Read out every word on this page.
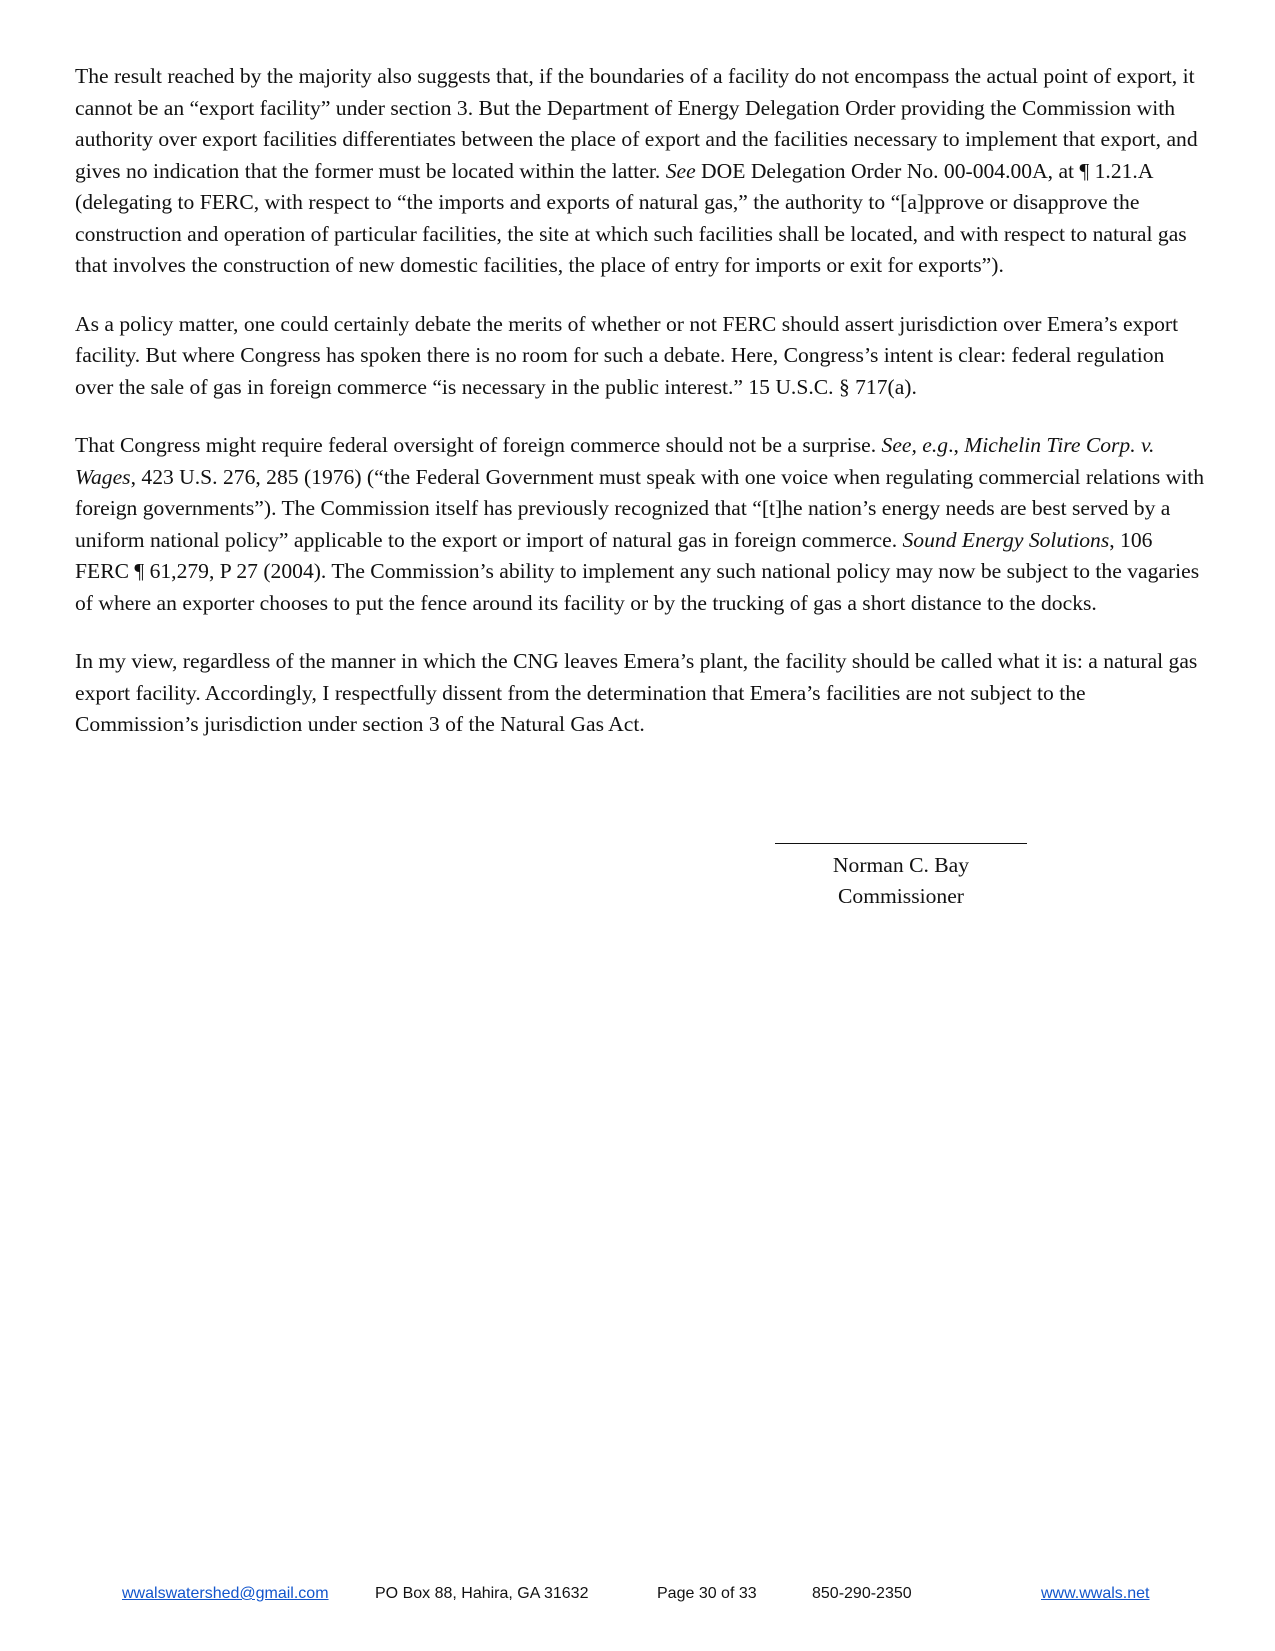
The result reached by the majority also suggests that, if the boundaries of a facility do not encompass the actual point of export, it cannot be an “export facility” under section 3. But the Department of Energy Delegation Order providing the Commission with authority over export facilities differentiates between the place of export and the facilities necessary to implement that export, and gives no indication that the former must be located within the latter. See DOE Delegation Order No. 00-004.00A, at ¶ 1.21.A (delegating to FERC, with respect to “the imports and exports of natural gas,” the authority to “[a]pprove or disapprove the construction and operation of particular facilities, the site at which such facilities shall be located, and with respect to natural gas that involves the construction of new domestic facilities, the place of entry for imports or exit for exports”).

As a policy matter, one could certainly debate the merits of whether or not FERC should assert jurisdiction over Emera’s export facility. But where Congress has spoken there is no room for such a debate. Here, Congress’s intent is clear: federal regulation over the sale of gas in foreign commerce “is necessary in the public interest.” 15 U.S.C. § 717(a).

That Congress might require federal oversight of foreign commerce should not be a surprise. See, e.g., Michelin Tire Corp. v. Wages, 423 U.S. 276, 285 (1976) (“the Federal Government must speak with one voice when regulating commercial relations with foreign governments”). The Commission itself has previously recognized that “[t]he nation’s energy needs are best served by a uniform national policy” applicable to the export or import of natural gas in foreign commerce. Sound Energy Solutions, 106 FERC ¶ 61,279, P 27 (2004). The Commission’s ability to implement any such national policy may now be subject to the vagaries of where an exporter chooses to put the fence around its facility or by the trucking of gas a short distance to the docks.

In my view, regardless of the manner in which the CNG leaves Emera’s plant, the facility should be called what it is: a natural gas export facility. Accordingly, I respectfully dissent from the determination that Emera’s facilities are not subject to the Commission’s jurisdiction under section 3 of the Natural Gas Act.

Norman C. Bay
Commissioner
wwalswatershed@gmail.com	PO Box 88, Hahira, GA 31632	Page 30 of 33	850-290-2350	www.wwals.net
